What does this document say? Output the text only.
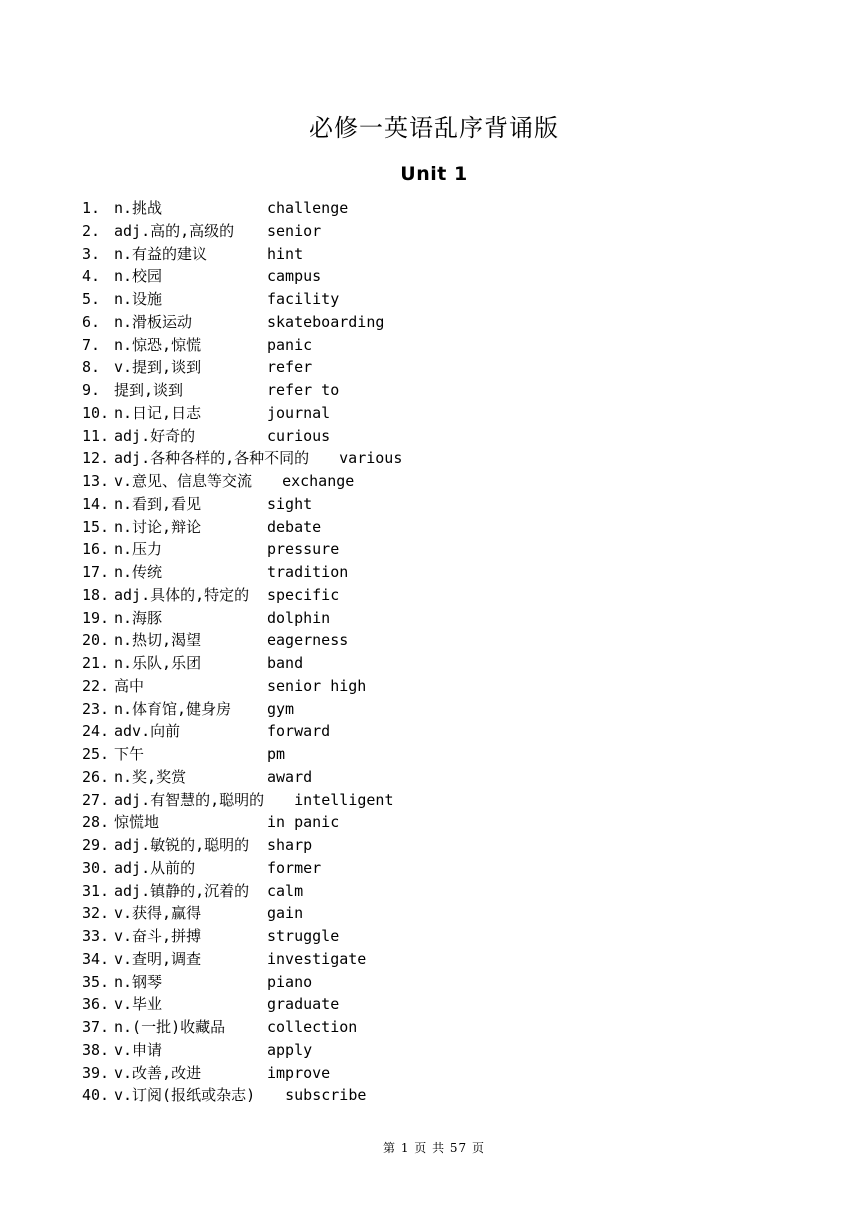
必修一英语乱序背诵版
Unit 1
1. n.挑战	challenge
2. adj.高的,高级的	senior
3. n.有益的建议	hint
4. n.校园	campus
5. n.设施	facility
6. n.滑板运动	skateboarding
7. n.惊恐,惊慌	panic
8. v.提到,谈到	refer
9. 提到,谈到	refer to
10. n.日记,日志	journal
11. adj.好奇的	curious
12. adj.各种各样的,各种不同的 various
13. v.意见、信息等交流 exchange
14. n.看到,看见	sight
15. n.讨论,辩论	debate
16. n.压力	pressure
17. n.传统	tradition
18. adj.具体的,特定的	specific
19. n.海豚	dolphin
20. n.热切,渴望	eagerness
21. n.乐队,乐团	band
22. 高中	senior high
23. n.体育馆,健身房	gym
24. adv.向前	forward
25. 下午	pm
26. n.奖,奖赏	award
27. adj.有智慧的,聪明的 intelligent
28. 惊慌地	in panic
29. adj.敏锐的,聪明的	sharp
30. adj.从前的	former
31. adj.镇静的,沉着的	calm
32. v.获得,赢得	gain
33. v.奋斗,拼搏	struggle
34. v.查明,调查	investigate
35. n.钢琴	piano
36. v.毕业	graduate
37. n.(一批)收藏品	collection
38. v.申请	apply
39. v.改善,改进	improve
40. v.订阅(报纸或杂志) subscribe
第 1 页 共 57 页
